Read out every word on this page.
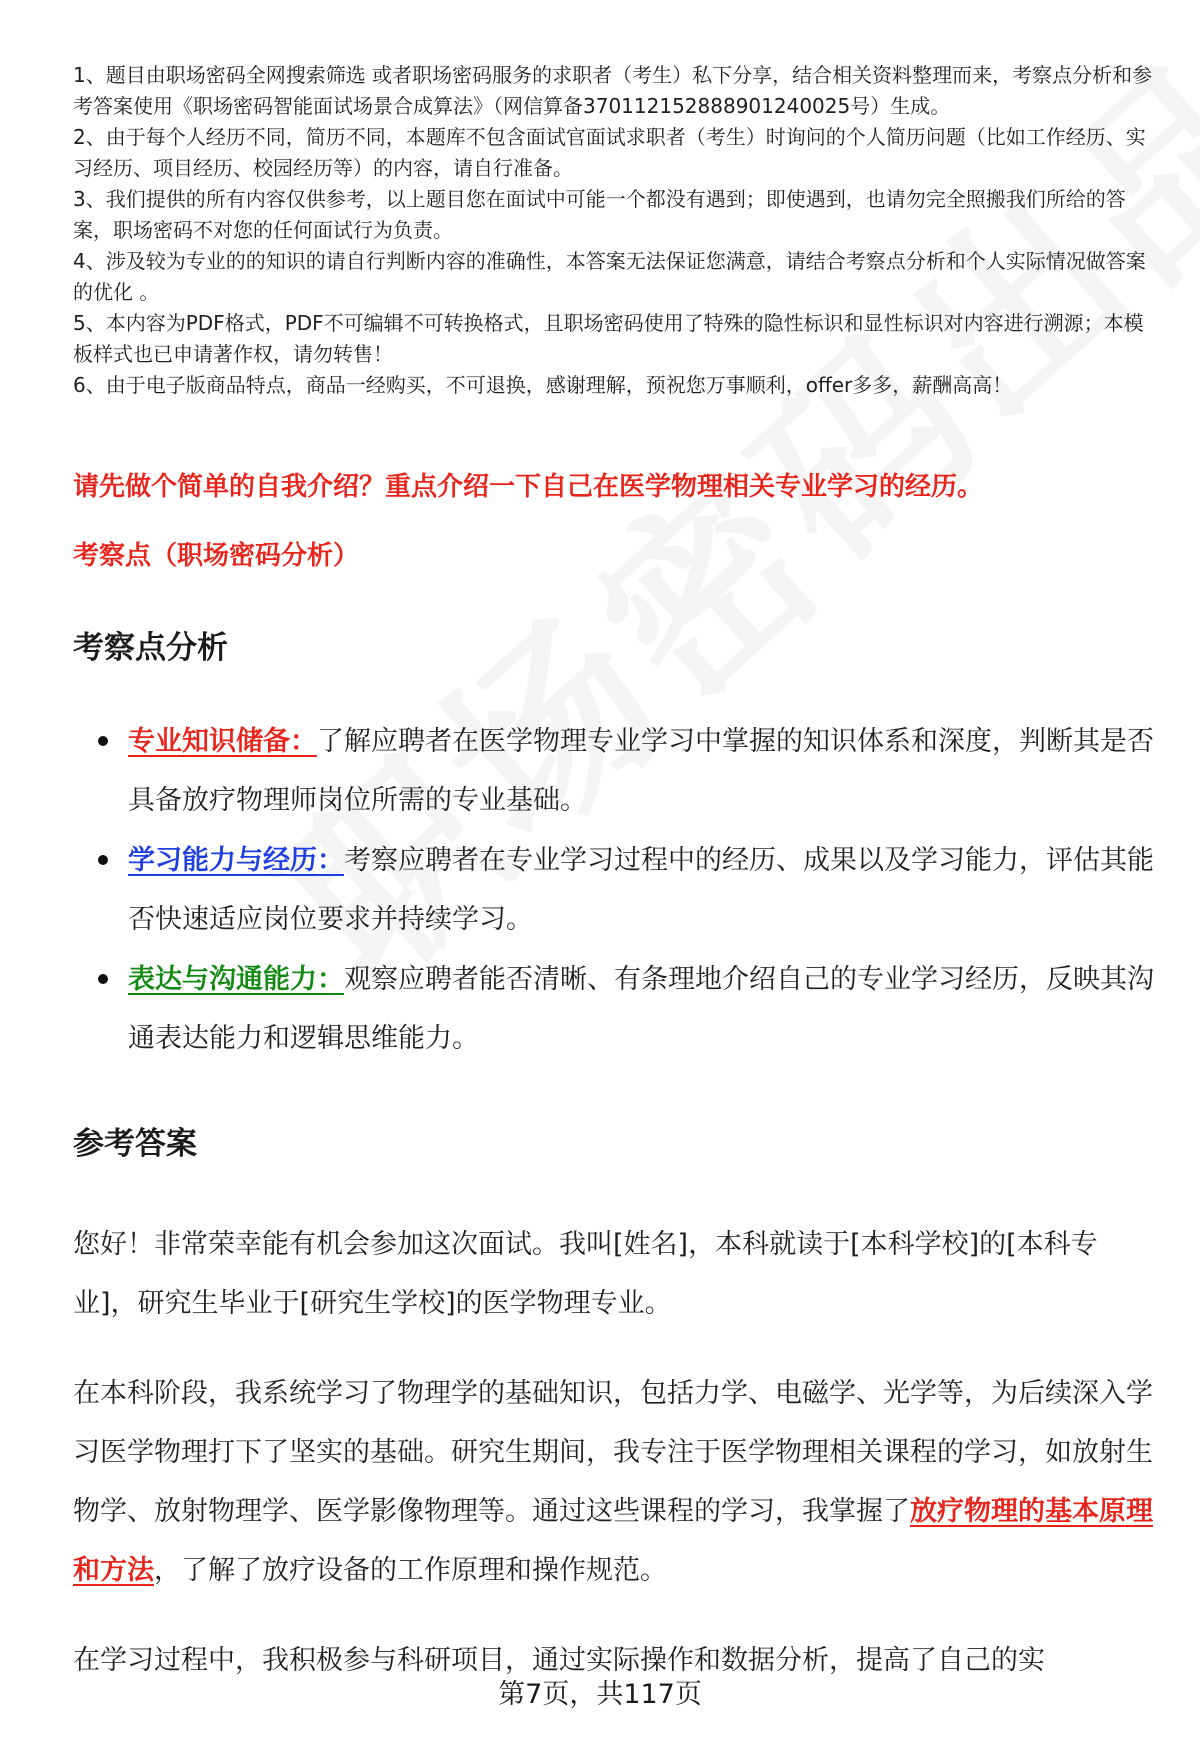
1、题目由职场密码全网搜索筛选 或者职场密码服务的求职者（考生）私下分享，结合相关资料整理而来，考察点分析和参考答案使用《职场密码智能面试场景合成算法》（网信算备370112152888901240025号）生成。

2、由于每个人经历不同，简历不同，本题库不包含面试官面试求职者（考生）时询问的个人简历问题（比如工作经历、实习经历、项目经历、校园经历等）的内容，请自行准备。

3、我们提供的所有内容仅供参考，以上题目您在面试中可能一个都没有遇到；即使遇到，也请勿完全照搬我们所给的答案，职场密码不对您的任何面试行为负责。

4、涉及较为专业的的知识的请自行判断内容的准确性，本答案无法保证您满意，请结合考察点分析和个人实际情况做答案的优化 。

5、本内容为PDF格式，PDF不可编辑不可转换格式，且职场密码使用了特殊的隐性标识和显性标识对内容进行溯源；本模板样式也已申请著作权，请勿转售！

6、由于电子版商品特点，商品一经购买，不可退换，感谢理解，预祝您万事顺利，offer多多，薪酬高高！

请先做个简单的自我介绍？重点介绍一下自己在医学物理相关专业学习的经历。

考察点（职场密码分析）

考察点分析
专业知识储备：了解应聘者在医学物理专业学习中掌握的知识体系和深度，判断其是否具备放疗物理师岗位所需的专业基础。
学习能力与经历：考察应聘者在专业学习过程中的经历、成果以及学习能力，评估其能否快速适应岗位要求并持续学习。
表达与沟通能力：观察应聘者能否清晰、有条理地介绍自己的专业学习经历，反映其沟通表达能力和逻辑思维能力。
参考答案

您好！非常荣幸能有机会参加这次面试。我叫[姓名]，本科就读于[本科学校]的[本科专业]，研究生毕业于[研究生学校]的医学物理专业。

在本科阶段，我系统学习了物理学的基础知识，包括力学、电磁学、光学等，为后续深入学习医学物理打下了坚实的基础。研究生期间，我专注于医学物理相关课程的学习，如放射生物学、放射物理学、医学影像物理等。通过这些课程的学习，我掌握了放疗物理的基本原理和方法，了解了放疗设备的工作原理和操作规范。

在学习过程中，我积极参与科研项目，通过实际操作和数据分析，提高了自己的实

第7页，共117页
